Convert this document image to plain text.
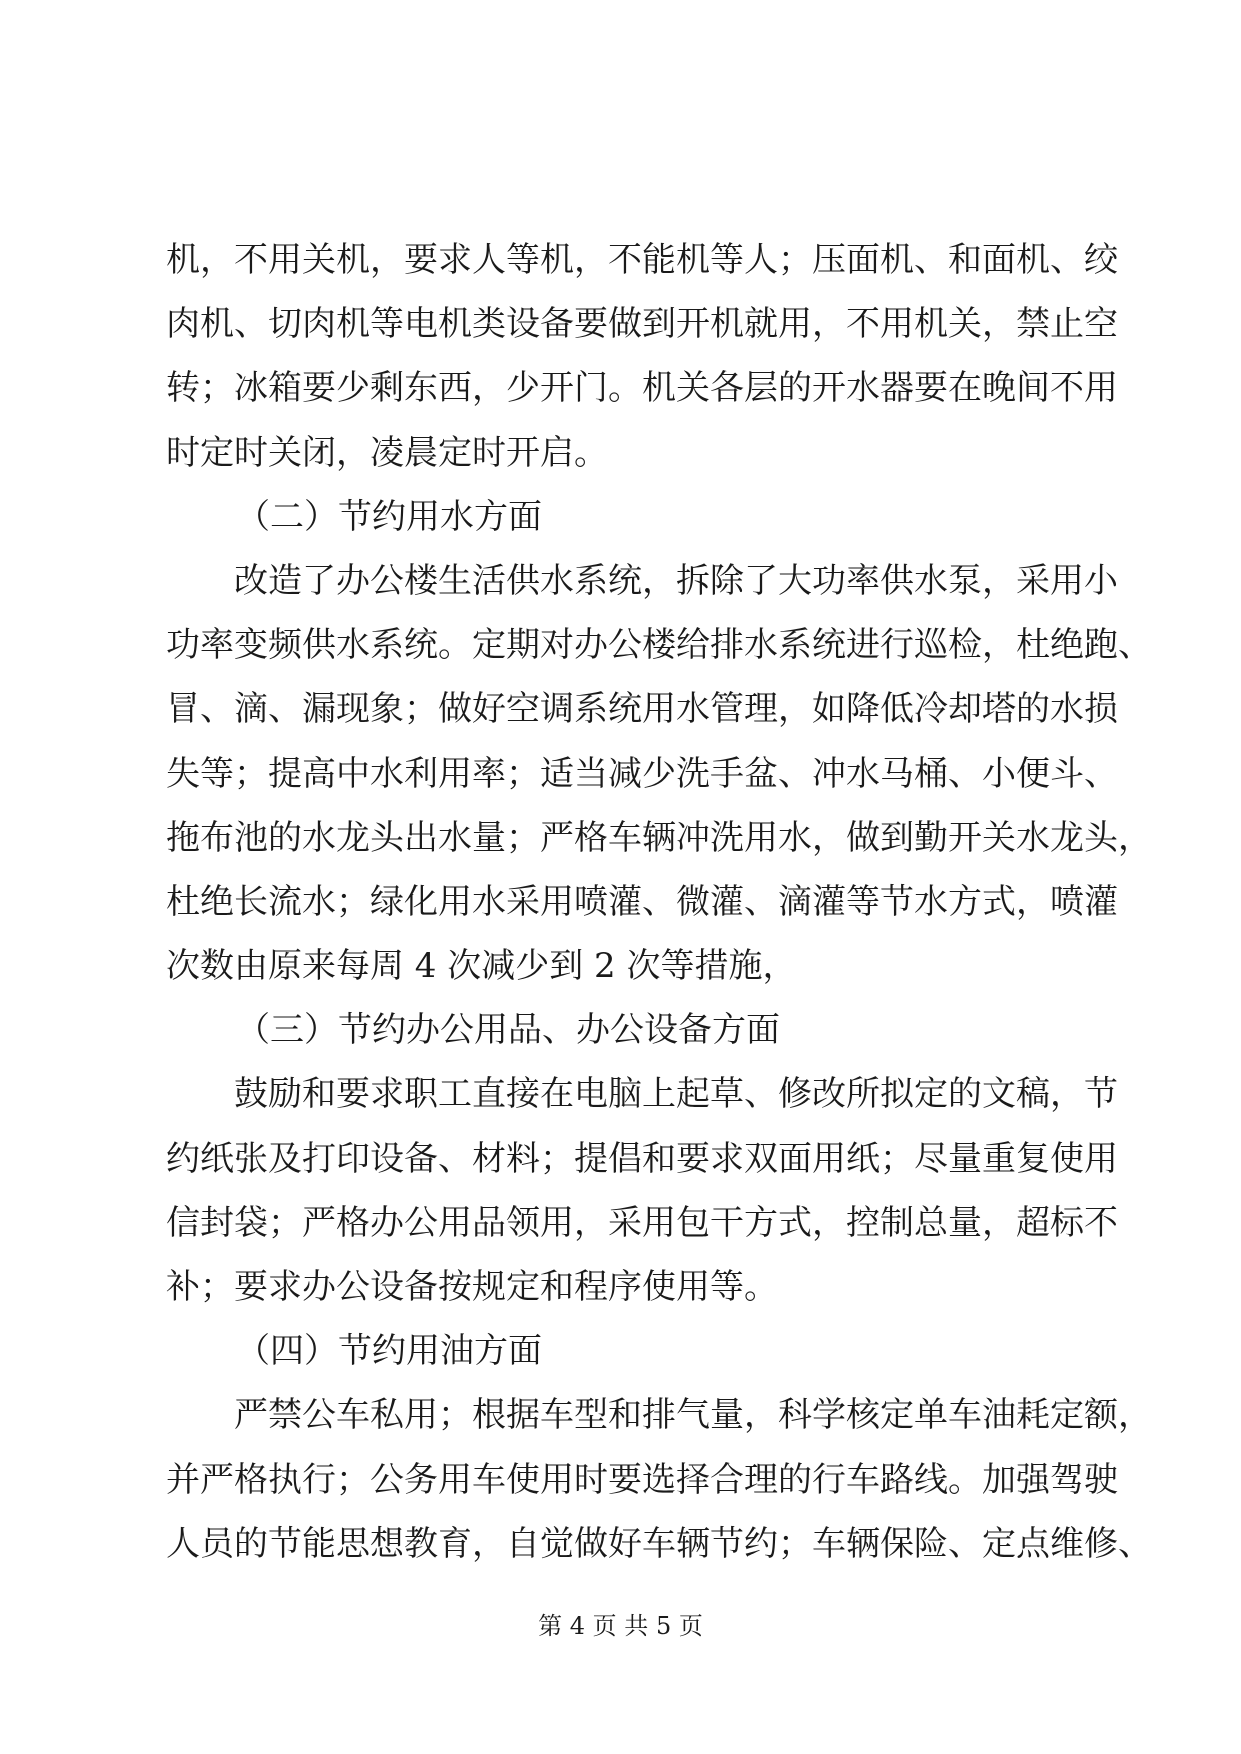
机，不用关机，要求人等机，不能机等人；压面机、和面机、绞
肉机、切肉机等电机类设备要做到开机就用，不用机关，禁止空
转；冰箱要少剩东西，少开门。机关各层的开水器要在晚间不用
时定时关闭，凌晨定时开启。
（二）节约用水方面
改造了办公楼生活供水系统，拆除了大功率供水泵，采用小
功率变频供水系统。定期对办公楼给排水系统进行巡检，杜绝跑、
冒、滴、漏现象；做好空调系统用水管理，如降低冷却塔的水损
失等；提高中水利用率；适当减少洗手盆、冲水马桶、小便斗、
拖布池的水龙头出水量；严格车辆冲洗用水，做到勤开关水龙头，
杜绝长流水；绿化用水采用喷灌、微灌、滴灌等节水方式，喷灌
次数由原来每周 4 次减少到 2 次等措施，
（三）节约办公用品、办公设备方面
鼓励和要求职工直接在电脑上起草、修改所拟定的文稿，节
约纸张及打印设备、材料；提倡和要求双面用纸；尽量重复使用
信封袋；严格办公用品领用，采用包干方式，控制总量，超标不
补；要求办公设备按规定和程序使用等。
（四）节约用油方面
严禁公车私用；根据车型和排气量，科学核定单车油耗定额，
并严格执行；公务用车使用时要选择合理的行车路线。加强驾驶
人员的节能思想教育，自觉做好车辆节约；车辆保险、定点维修、
第 4 页 共 5 页
